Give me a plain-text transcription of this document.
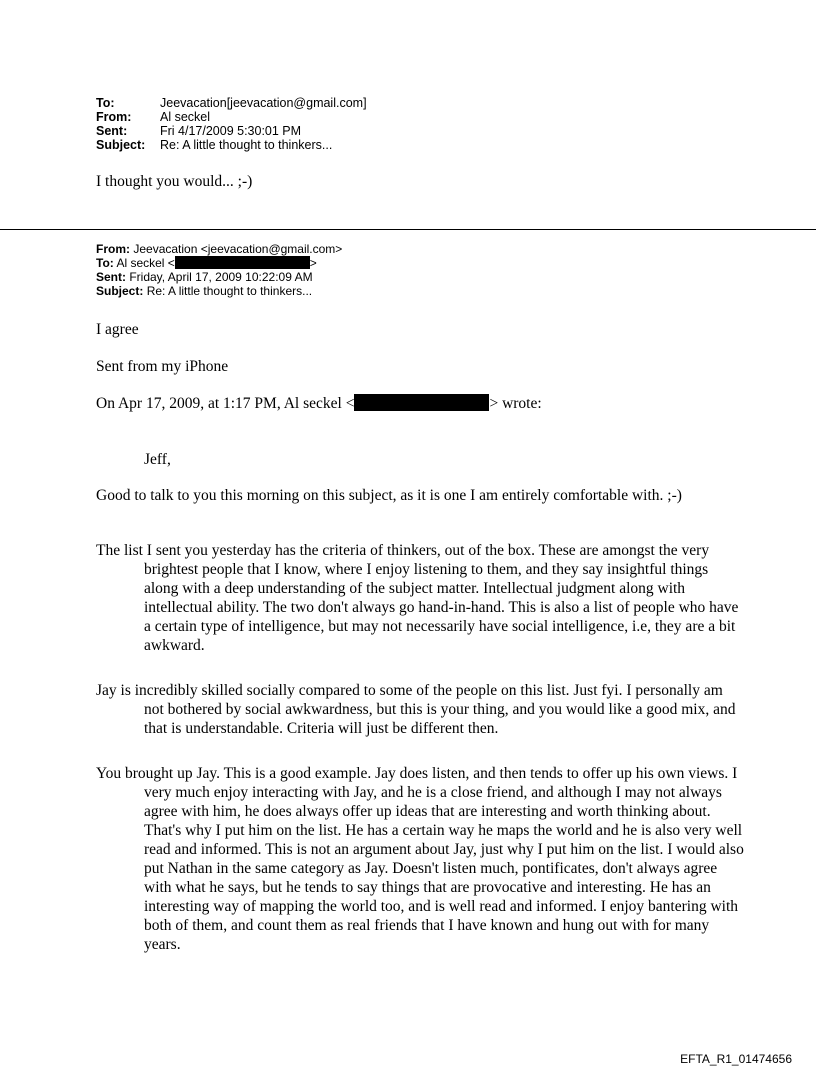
To:	Jeevacation[jeevacation@gmail.com]
From:	Al seckel
Sent:	Fri 4/17/2009 5:30:01 PM
Subject:	Re: A little thought to thinkers...

I thought you would... ;-)

From: Jeevacation <jeevacation@gmail.com>
To: Al seckel <	>
Sent: Friday, April 17, 2009 10:22:09 AM
Subject: Re: A little thought to thinkers...

I agree

Sent from my iPhone

On Apr 17, 2009, at 1:17 PM, Al seckel <	> wrote:

Jeff,

Good to talk to you this morning on this subject, as it is one I am entirely comfortable with. ;-)

The list I sent you yesterday has the criteria of thinkers, out of the box. These are amongst the very brightest people that I know, where I enjoy listening to them, and they say insightful things along with a deep understanding of the subject matter. Intellectual judgment along with intellectual ability. The two don't always go hand-in-hand. This is also a list of people who have a certain type of intelligence, but may not necessarily have social intelligence, i.e, they are a bit awkward.

Jay is incredibly skilled socially compared to some of the people on this list. Just fyi. I personally am not bothered by social awkwardness, but this is your thing, and you would like a good mix, and that is understandable. Criteria will just be different then.

You brought up Jay. This is a good example. Jay does listen, and then tends to offer up his own views. I very much enjoy interacting with Jay, and he is a close friend, and although I may not always agree with him, he does always offer up ideas that are interesting and worth thinking about. That's why I put him on the list. He has a certain way he maps the world and he is also very well read and informed. This is not an argument about Jay, just why I put him on the list. I would also put Nathan in the same category as Jay. Doesn't listen much, pontificates, don't always agree with what he says, but he tends to say things that are provocative and interesting. He has an interesting way of mapping the world too, and is well read and informed. I enjoy bantering with both of them, and count them as real friends that I have known and hung out with for many years.

EFTA_R1_01474656
